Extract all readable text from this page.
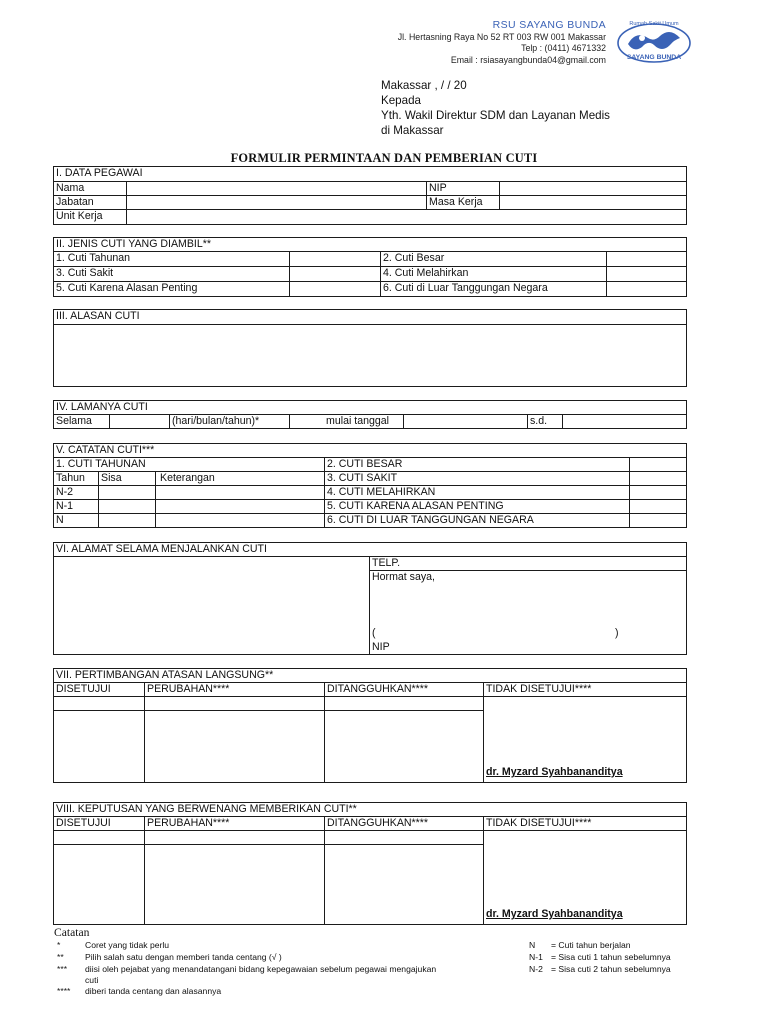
RSU SAYANG BUNDA
Jl. Hertasning Raya No 52 RT 003 RW 001 Makassar
Telp : (0411) 4671332
Email : rsiasayangbunda04@gmail.com
Rumah Sakit Umum
SAYANG BUNDA
Makassar , / / 20
Kepada
Yth. Wakil Direktur SDM dan Layanan Medis
di Makassar
FORMULIR PERMINTAAN DAN PEMBERIAN CUTI
I. DATA PEGAWAI			
Nama		NIP	
Jabatan		Masa Kerja	
Unit Kerja			
II. JENIS CUTI YANG DIAMBIL**			
1. Cuti Tahunan		2. Cuti Besar	
3. Cuti Sakit		4. Cuti Melahirkan	
5. Cuti Karena Alasan Penting		6. Cuti di Luar Tanggungan Negara	
III. ALASAN CUTI

IV. LAMANYA CUTI
Selama		(hari/bulan/tahun)*	mulai tanggal		s.d.	
V. CATATAN CUTI***				
1. CUTI TAHUNAN			2. CUTI BESAR	
Tahun	Sisa	Keterangan	3. CUTI SAKIT	
N-2			4. CUTI MELAHIRKAN	
N-1			5. CUTI KARENA ALASAN PENTING	
N			6. CUTI DI LUAR TANGGUNGAN NEGARA	
VI. ALAMAT SELAMA MENJALANKAN CUTI
	TELP.

Hormat saya,
(	)
NIP
VII. PERTIMBANGAN ATASAN LANGSUNG**			
DISETUJUI	PERUBAHAN****	DITANGGUHKAN****	TIDAK DISETUJUI****

			dr. Myzard Syahbananditya
VIII. KEPUTUSAN YANG BERWENANG MEMBERIKAN CUTI**			
DISETUJUI	PERUBAHAN****	DITANGGUHKAN****	TIDAK DISETUJUI****

			dr. Myzard Syahbananditya
Catatan
*	Coret yang tidak perlu
** Pilih salah satu dengan memberi tanda centang (√ )
*** diisi oleh pejabat yang menandatangani bidang kepegawaian sebelum pegawai mengajukan
cuti
**** diberi tanda centang dan alasannya
N = Cuti tahun berjalan
N-1 = Sisa cuti 1 tahun sebelumnya
N-2 = Sisa cuti 2 tahun sebelumnya
